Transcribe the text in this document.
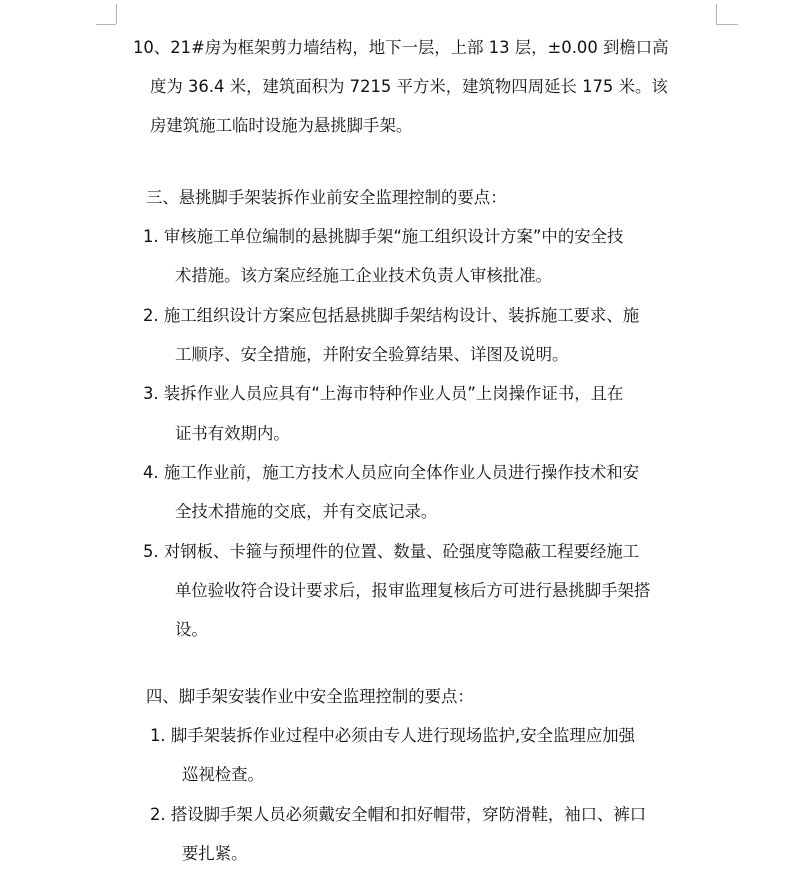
10、21#房为框架剪力墙结构，地下一层，上部 13 层，±0.00 到檐口高
度为 36.4 米，建筑面积为 7215 平方米，建筑物四周延长 175 米。该
房建筑施工临时设施为悬挑脚手架。
三、悬挑脚手架装拆作业前安全监理控制的要点：
1. 审核施工单位编制的悬挑脚手架“施工组织设计方案”中的安全技
术措施。该方案应经施工企业技术负责人审核批准。
2. 施工组织设计方案应包括悬挑脚手架结构设计、装拆施工要求、施
工顺序、安全措施，并附安全验算结果、详图及说明。
3. 装拆作业人员应具有“上海市特种作业人员”上岗操作证书，且在
证书有效期内。
4. 施工作业前，施工方技术人员应向全体作业人员进行操作技术和安
全技术措施的交底，并有交底记录。
5. 对钢板、卡箍与预埋件的位置、数量、砼强度等隐蔽工程要经施工
单位验收符合设计要求后，报审监理复核后方可进行悬挑脚手架搭
设。
四、脚手架安装作业中安全监理控制的要点：
1. 脚手架装拆作业过程中必须由专人进行现场监护,安全监理应加强
巡视检查。
2. 搭设脚手架人员必须戴安全帽和扣好帽带，穿防滑鞋，袖口、裤口
要扎紧。
